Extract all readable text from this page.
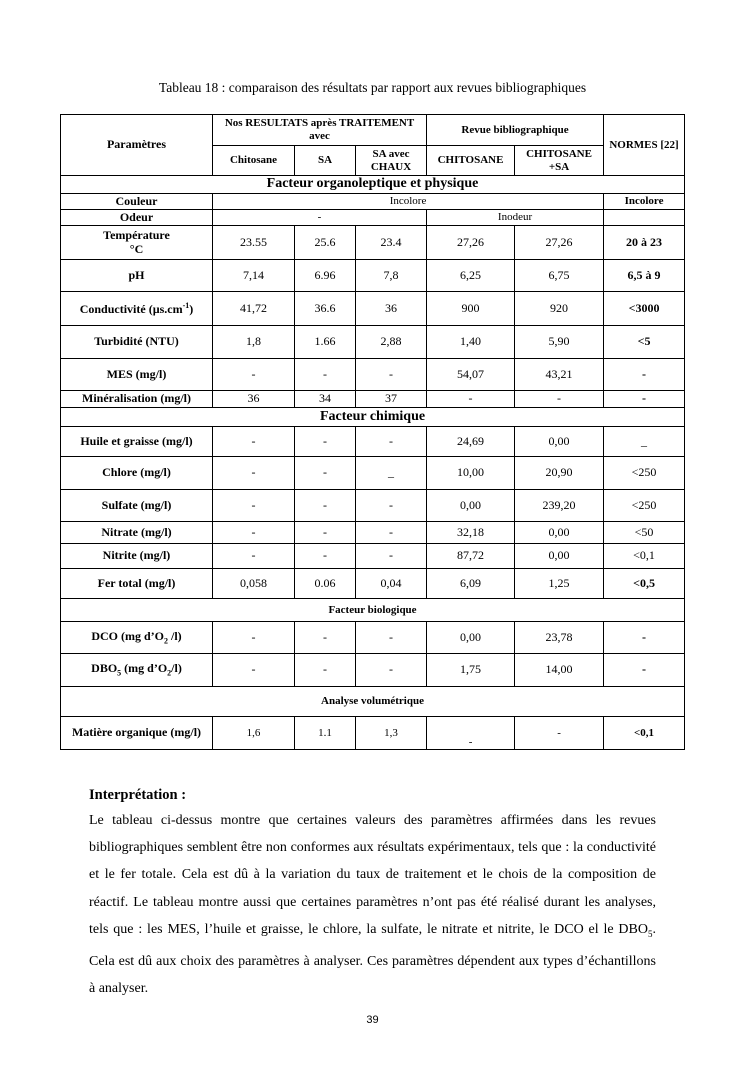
Tableau 18 : comparaison des résultats par rapport aux revues bibliographiques
Paramètres	Nos RESULTATS après TRAITEMENT avec			Revue bibliographique		NORMES [22]
	Chitosane	SA	SA avec CHAUX	CHITOSANE	CHITOSANE +SA	
Facteur organoleptique et physique						
Couleur	Incolore					Incolore
Odeur	-			Inodeur		
Température
°C	23.55	25.6	23.4	27,26	27,26	20 à 23
pH	7,14	6.96	7,8	6,25	6,75	6,5 à 9
Conductivité $(\mu s.cm^{-1})$	41,72	36.6	36	900	920	<3000
Turbidité (NTU)	1,8	1.66	2,88	1,40	5,90	<5
MES (mg/l)	-	-	-	54,07	43,21	-
Minéralisation (mg/l)	36	34	37	-	-	-
Facteur chimique						
Huile et graisse (mg/l)	-	-	-	24,69	0,00	_
Chlore (mg/l)	-	-	_	10,00	20,90	<250
Sulfate (mg/l)	-	-	-	0,00	239,20	<250
Nitrate (mg/l)	-	-	-	32,18	0,00	<50
Nitrite (mg/l)	-	-	-	87,72	0,00	<0,1
Fer total (mg/l)	0,058	0.06	0,04	6,09	1,25	<0,5
Facteur biologique						
DCO (mg $d’O_2$ /l)	-	-	-	0,00	23,78	-
$DBO_5$ (mg $d’O_2/l$)	-	-	-	1,75	14,00	-
Analyse volumétrique						
Matière organique (mg/l)	1,6	1.1	1,3	-	-	<0,1
Interprétation :

Le tableau ci-dessus montre que certaines valeurs des paramètres affirmées dans les revues bibliographiques semblent être non conformes aux résultats expérimentaux, tels que : la conductivité et le fer totale. Cela est dû à la variation du taux de traitement et le chois de la composition de réactif. Le tableau montre aussi que certaines paramètres n’ont pas été réalisé durant les analyses, tels que : les MES, l’huile et graisse, le chlore, la sulfate, le nitrate et nitrite, le DCO el le $DBO_5$. Cela est dû aux choix des paramètres à analyser. Ces paramètres dépendent aux types d’échantillons à analyser.

39
